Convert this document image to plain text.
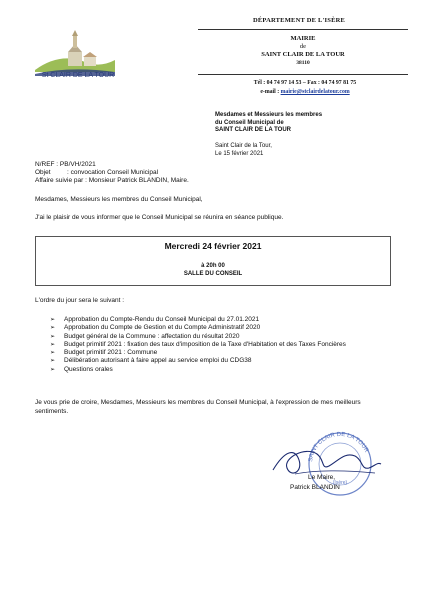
St CLAIR DE LA TOUR
DÉPARTEMENT DE L'ISÈRE
MAIRIE
de
SAINT CLAIR DE LA TOUR
38110
Tél : 04 74 97 14 53 – Fax : 04 74 97 81 75
e-mail : mairie@stclairdelatour.com
Mesdames et Messieurs les membres
du Conseil Municipal de
SAINT CLAIR DE LA TOUR
Saint Clair de la Tour,
Le 15 février 2021
N/REF : PB/VH/2021
Objet	: convocation Conseil Municipal
Affaire suivie par : Monsieur Patrick BLANDIN, Maire.
Mesdames, Messieurs les membres du Conseil Municipal,
J'ai le plaisir de vous informer que le Conseil Municipal se réunira en séance publique.
Mercredi 24 février 2021
à 20h 00
SALLE DU CONSEIL
L'ordre du jour sera le suivant :
➢ Approbation du Compte-Rendu du Conseil Municipal du 27.01.2021
➢ Approbation du Compte de Gestion et du Compte Administratif 2020
➢ Budget général de la Commune : affectation du résultat 2020
➢ Budget primitif 2021 : fixation des taux d'imposition de la Taxe d'Habitation et des Taxes Foncières
➢ Budget primitif 2021 : Commune
➢ Délibération autorisant à faire appel au service emploi du CDG38
➢ Questions orales
Je vous prie de croire, Mesdames, Messieurs les membres du Conseil Municipal, à l'expression de mes meilleurs sentiments.
SAINT CLAIR DE LA TOUR
(Isère)
Le Maire,
Patrick BLANDIN
